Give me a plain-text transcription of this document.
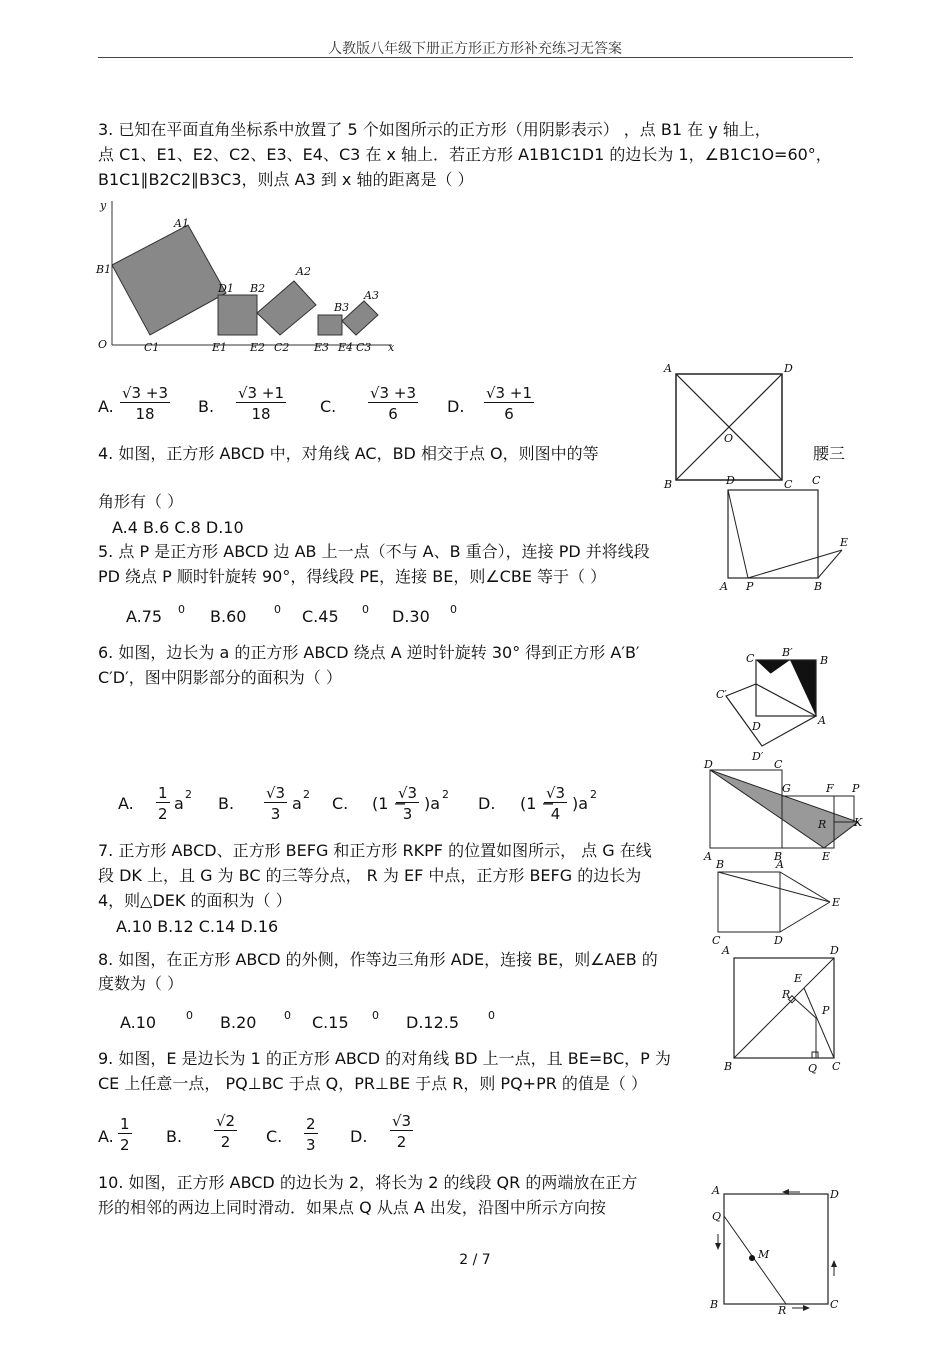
人教版八年级下册正方形正方形补充练习无答案
3. 已知在平面直角坐标系中放置了 5 个如图所示的正方形（用阴影表示） ，点 B1 在 y 轴上，
点 C1、E1、E2、C2、E3、E4、C3 在 x 轴上．若正方形 A1B1C1D1 的边长为 1，∠B1C1O=60°，
B1C1∥B2C2∥B3C3，则点 A3 到 x 轴的距离是（ ）
y
A1
B1
D1 B2
A2
B3
A3
O	C1	E1 E2 C2 E3 E4 C3 x
A. $\frac{√3 +3}{18} B$. $\frac{√3 +1}{18} C$. $\frac{√3 +3}{6} D$. $\frac{√3 +1}{6}$
A	D
O
B	C
4. 如图，正方形 ABCD 中，对角线 AC，BD 相交于点 O，则图中的等	腰三
角形有（ ）
A.4 B.6 C.8 D.10
D	C
E
A P	B
5. 点 P 是正方形 ABCD 边 AB 上一点（不与 A、B 重合），连接 PD 并将线段
PD 绕点 P 顺时针旋转 90°，得线段 PE，连接 BE，则∠CBE 等于（ ）
A.75 0 B.60	0 C.45 0 D.30 0
C	B′
B
C′
D	A
D′
6. 如图，边长为 a 的正方形 ABCD 绕点 A 逆时针旋转 30° 得到正方形 A′B′
C′D′，图中阴影部分的面积为（ ）
A. $\frac{1}{2}$ a 2 B. $\frac{√3}{3}$ a 2 C. (1 −
$\frac{√3}{3} )a$ 2 D. (1 −
$\frac{√3}{4} )a$ 2
D	C
G	F P
R	K
A	B	E
7. 正方形 ABCD、正方形 BEFG 和正方形 RKPF 的位置如图所示， 点 G 在线
段 DK 上，且 G 为 BC 的三等分点， R 为 EF 中点，正方形 BEFG 的边长为
4，则△DEK 的面积为（ ）
A.10 B.12 C.14 D.16
B	A
E
C	D
8. 如图，在正方形 ABCD 的外侧，作等边三角形 ADE，连接 BE，则∠AEB 的
度数为（ ）
A.10	0 B.20	0 C.15 0 D.12.5	0
A	D
E
R
P
B	Q C
9. 如图，E 是边长为 1 的正方形 ABCD 的对角线 BD 上一点，且 BE=BC，P 为
CE 上任意一点， PQ⊥BC 于点 Q，PR⊥BE 于点 R，则 PQ+PR 的值是（ ）
A. $\frac{1}{2} B$. $\frac{√2}{2} C$. $\frac{2}{3} D$. $\frac{√3}{2}$
10. 如图，正方形 ABCD 的边长为 2，将长为 2 的线段 QR 的两端放在正方
形的相邻的两边上同时滑动．如果点 Q 从点 A 出发，沿图中所示方向按
A	D
Q
M
B	R	C
2 / 7
